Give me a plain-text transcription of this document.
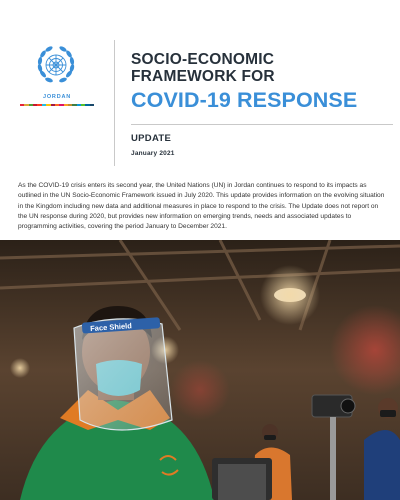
JORDAN
SOCIO-ECONOMIC
FRAMEWORK FOR
COVID-19 RESPONSE
UPDATE
January 2021

As the COVID-19 crisis enters its second year, the United Nations (UN) in Jordan continues to respond to its impacts as outlined in the UN Socio-Economic Framework issued in July 2020. This update provides information on the evolving situation in the Kingdom including new data and additional measures in place to respond to the crisis. The Update does not report on the UN response during 2020, but provides new information on emerging trends, needs and associated updates to programming activities, covering the period January to December 2021.

Face Shield
